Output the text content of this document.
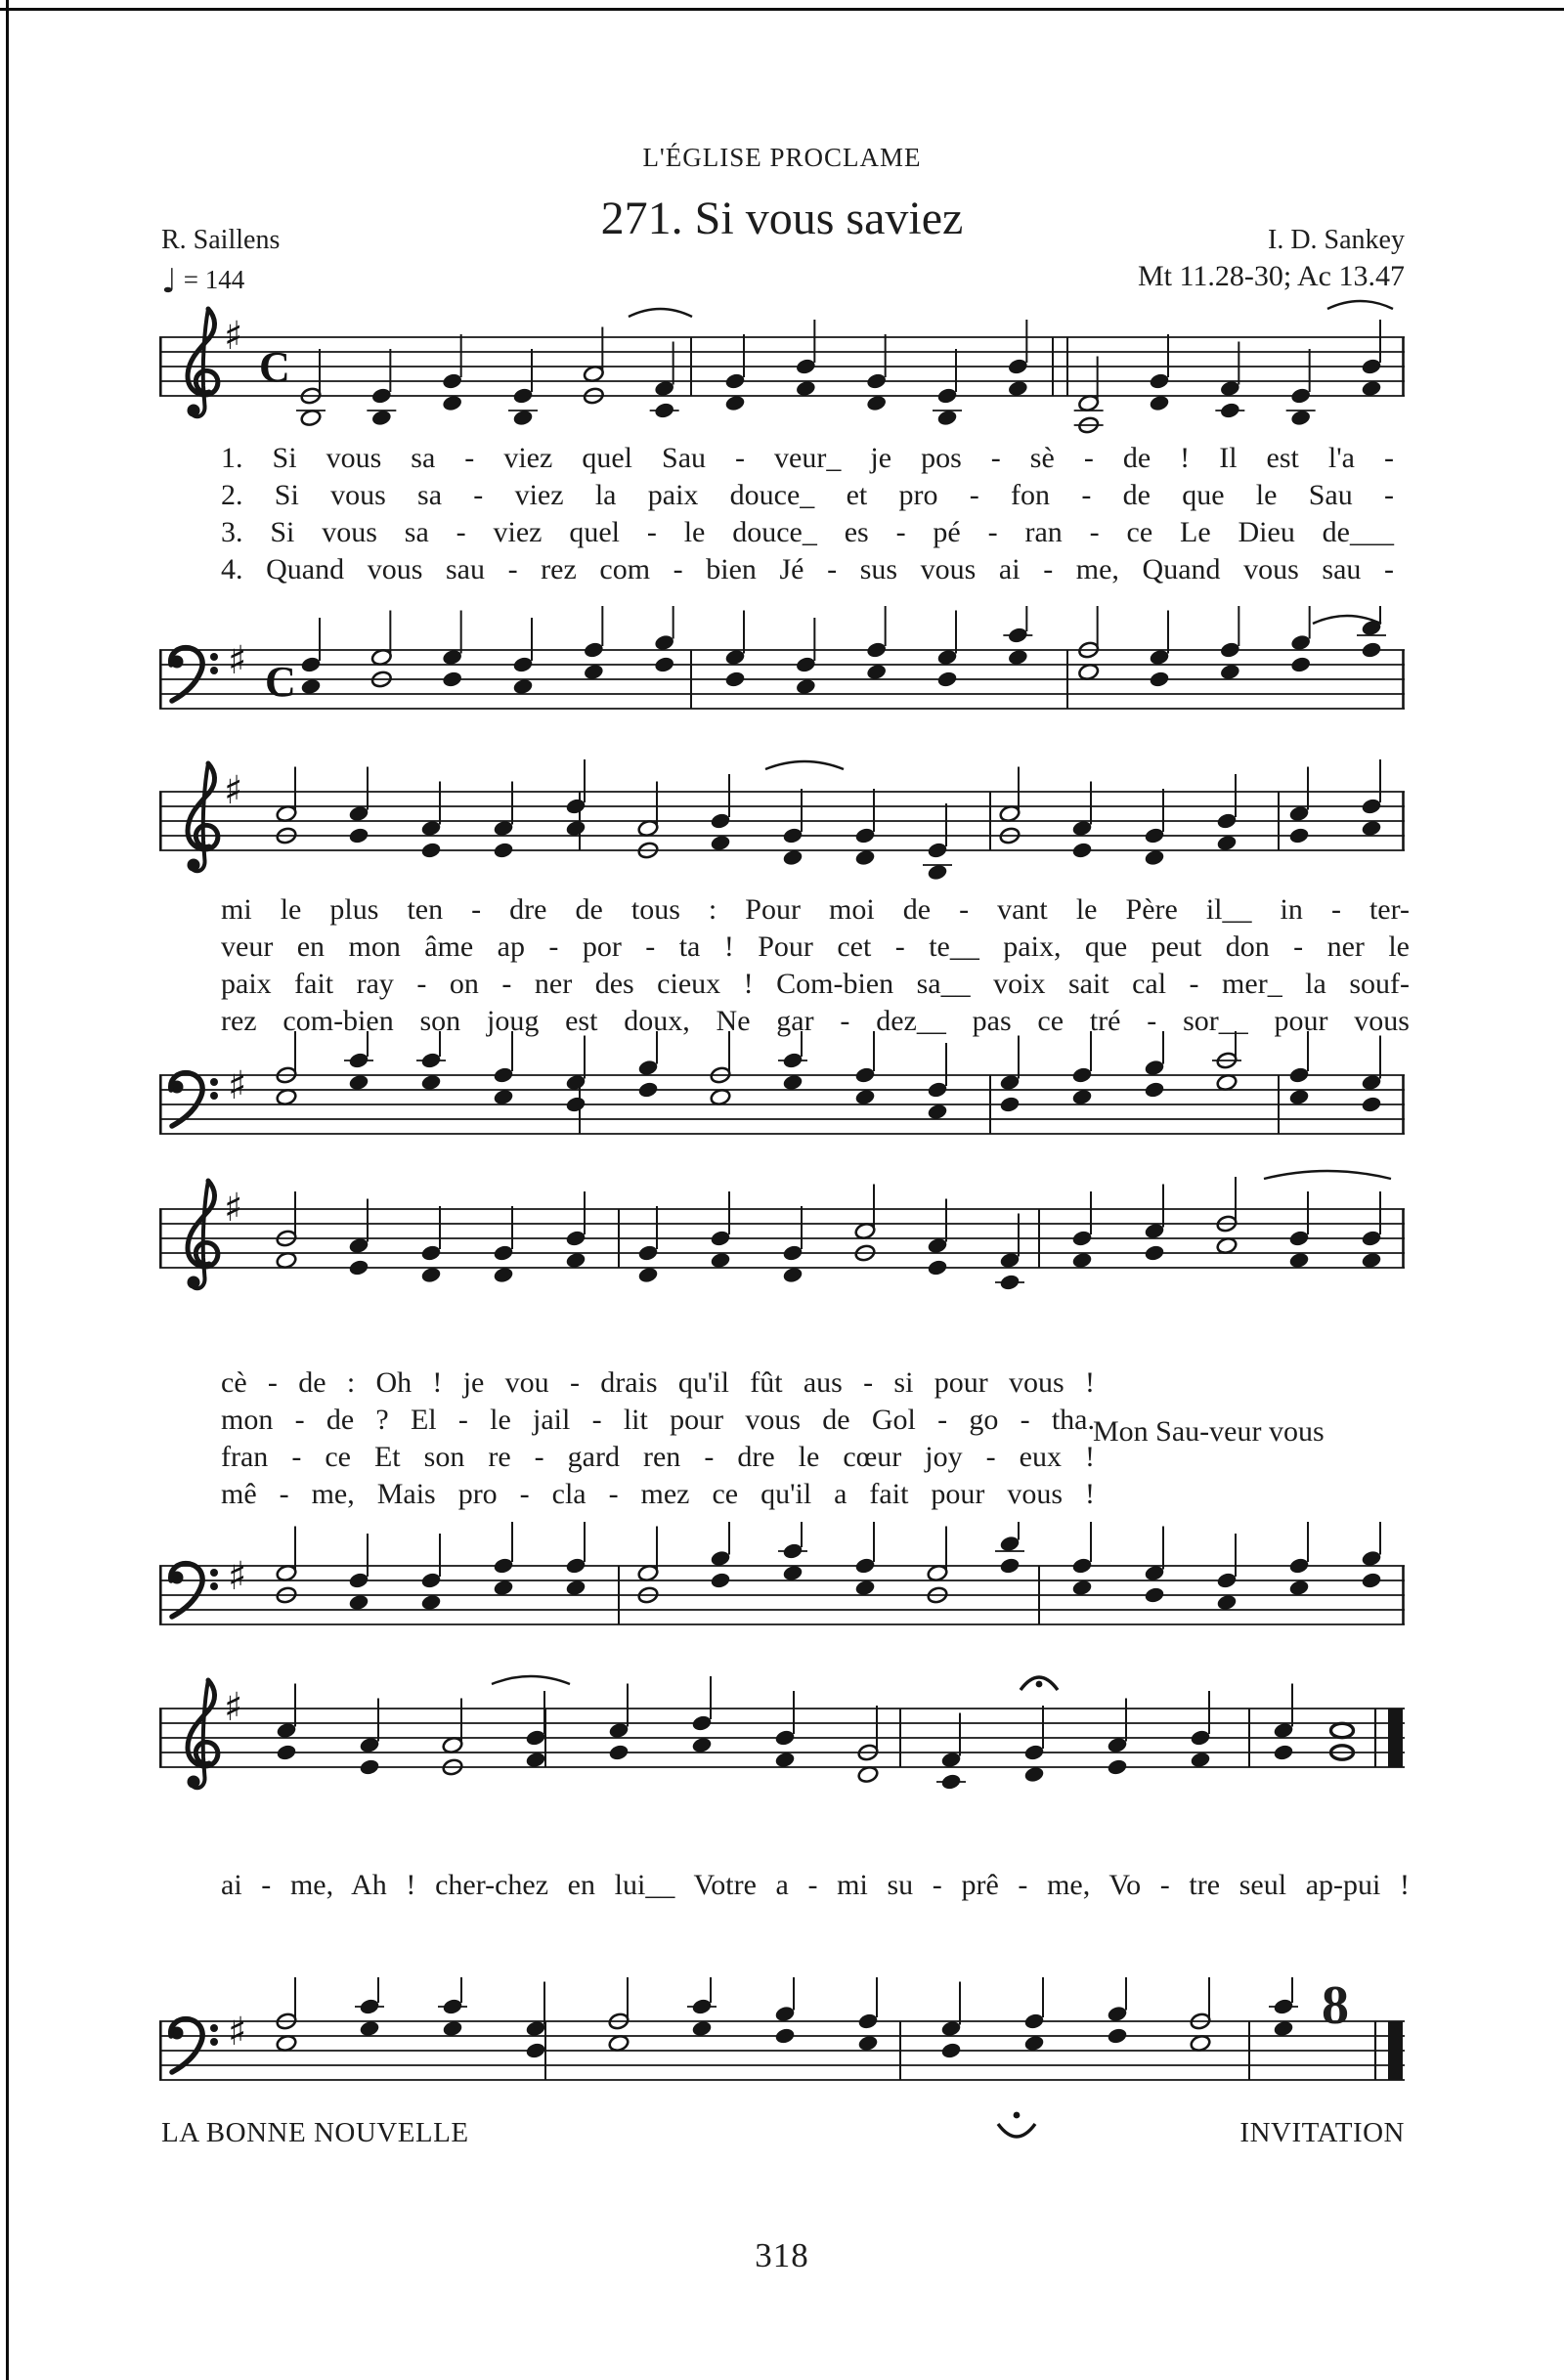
L'ÉGLISE PROCLAME
271. Si vous saviez
R. Saillens	I. D. Sankey
♩ = 144	Mt 11.28-30; Ac 13.47
♯
C
♯ C
♯
♯
♯
♯
♯
♯
1. Si vous sa - viez quel Sau - veur_ je pos - sè - de ! Il est l'a -
2. Si vous sa - viez la paix douce_ et pro - fon - de que le Sau -
3. Si vous sa - viez quel - le douce_ es - pé - ran - ce Le Dieu de___
4. Quand vous sau - rez com - bien Jé - sus vous ai - me, Quand vous sau -
mi le plus ten - dre de tous : Pour moi de - vant le Père il__ in - ter-
veur en mon âme ap - por - ta ! Pour cet - te__ paix, que peut don - ner le
paix fait ray - on - ner des cieux ! Com-bien sa__ voix sait cal - mer_ la souf-
rez com-bien son joug est doux, Ne gar - dez__ pas ce tré - sor__ pour vous
cè - de : Oh ! je vou - drais qu'il fût aus - si pour vous !
mon - de ? El - le jail - lit pour vous de Gol - go - tha.
fran - ce Et son re - gard ren - dre le cœur joy - eux !
mê - me, Mais pro - cla - mez ce qu'il a fait pour vous !
Mon Sau-veur vous
ai - me, Ah ! cher-chez en lui__ Votre a - mi su - prê - me, Vo - tre seul ap-pui !
8
LA BONNE NOUVELLE	INVITATION
318
